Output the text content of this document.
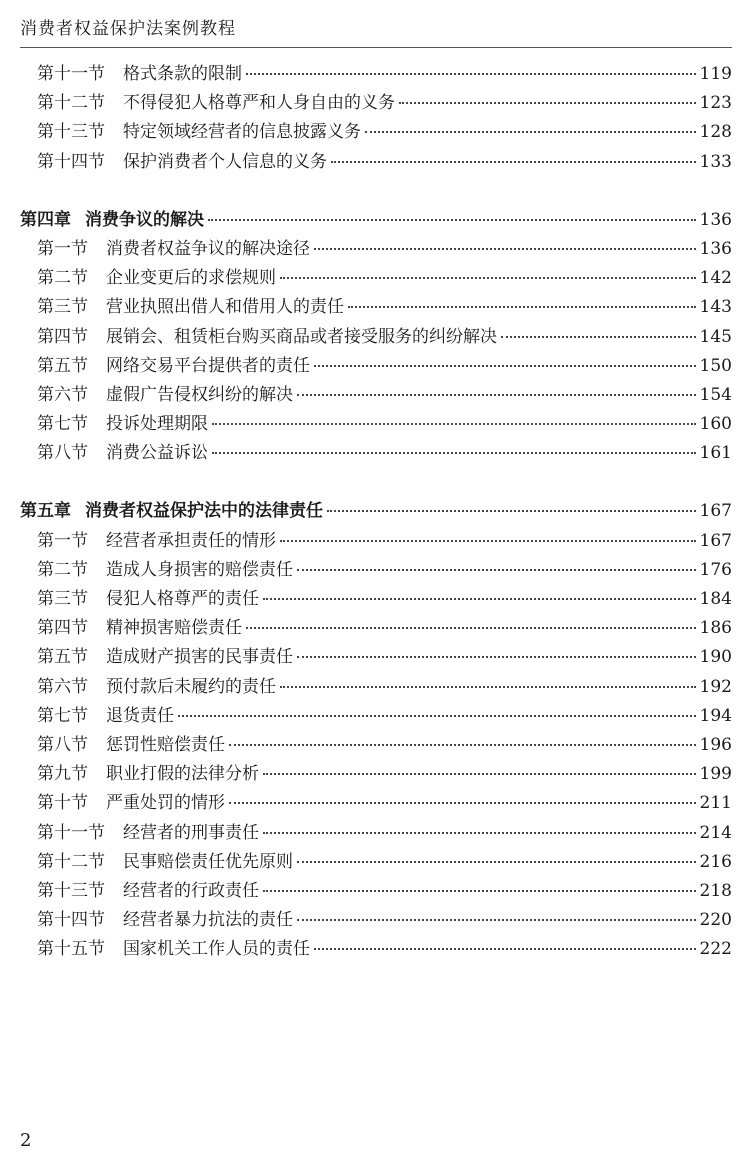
消费者权益保护法案例教程
第十一节 格式条款的限制	119
第十二节 不得侵犯人格尊严和人身自由的义务	123
第十三节 特定领域经营者的信息披露义务	128
第十四节 保护消费者个人信息的义务	133
第四章 消费争议的解决	136
第一节 消费者权益争议的解决途径	136
第二节 企业变更后的求偿规则	142
第三节 营业执照出借人和借用人的责任	143
第四节 展销会、租赁柜台购买商品或者接受服务的纠纷解决	145
第五节 网络交易平台提供者的责任	150
第六节 虚假广告侵权纠纷的解决	154
第七节 投诉处理期限	160
第八节 消费公益诉讼	161
第五章 消费者权益保护法中的法律责任	167
第一节 经营者承担责任的情形	167
第二节 造成人身损害的赔偿责任	176
第三节 侵犯人格尊严的责任	184
第四节 精神损害赔偿责任	186
第五节 造成财产损害的民事责任	190
第六节 预付款后未履约的责任	192
第七节 退货责任	194
第八节 惩罚性赔偿责任	196
第九节 职业打假的法律分析	199
第十节 严重处罚的情形	211
第十一节 经营者的刑事责任	214
第十二节 民事赔偿责任优先原则	216
第十三节 经营者的行政责任	218
第十四节 经营者暴力抗法的责任	220
第十五节 国家机关工作人员的责任	222
2
